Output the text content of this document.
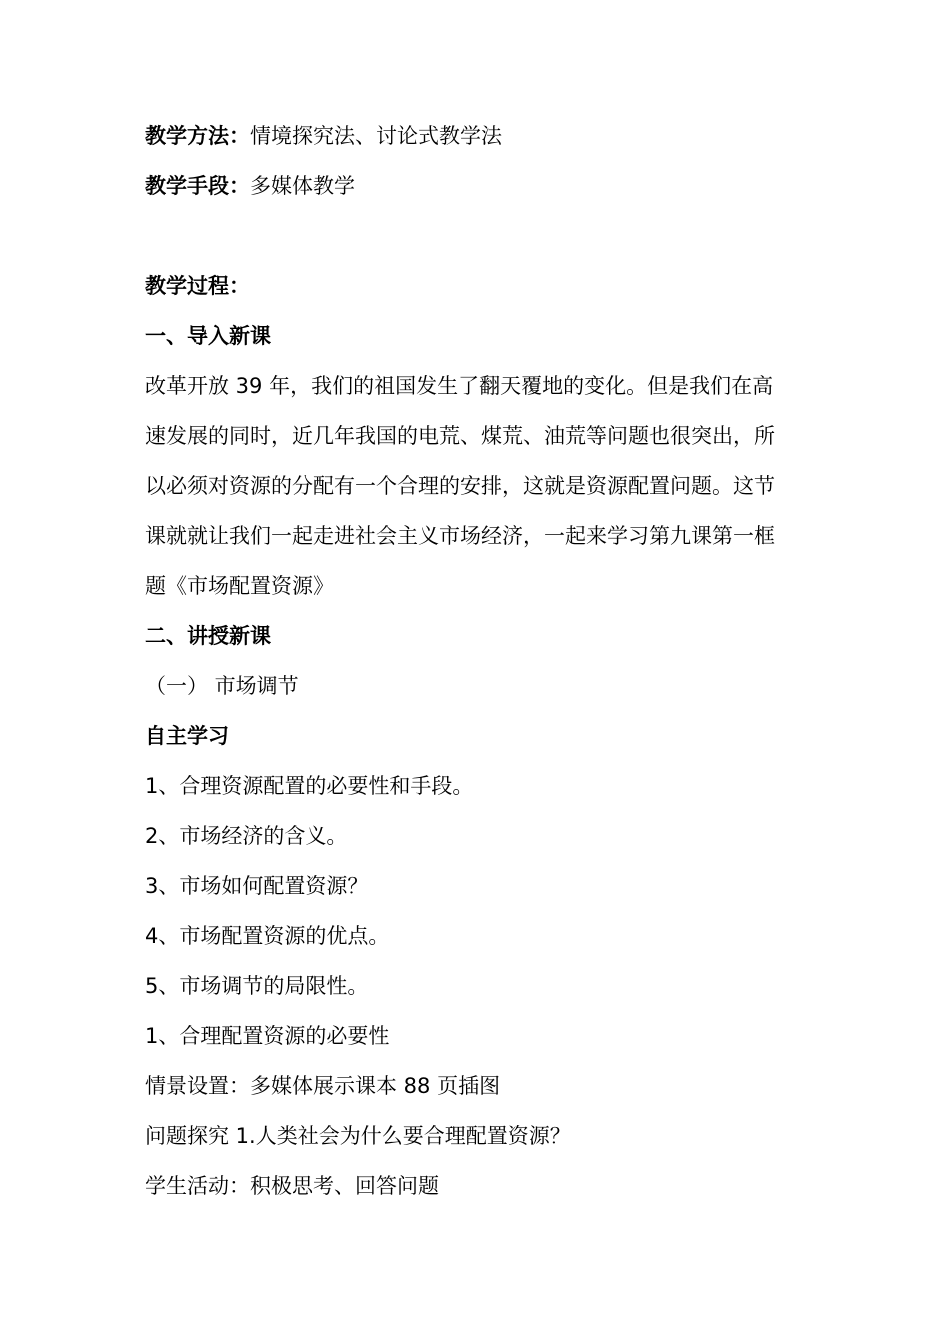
教学方法：情境探究法、讨论式教学法
教学手段：多媒体教学
教学过程：
一、导入新课
改革开放 39 年，我们的祖国发生了翻天覆地的变化。但是我们在高
速发展的同时，近几年我国的电荒、煤荒、油荒等问题也很突出，所
以必须对资源的分配有一个合理的安排，这就是资源配置问题。这节
课就就让我们一起走进社会主义市场经济，一起来学习第九课第一框
题《市场配置资源》
二、讲授新课
（一） 市场调节
自主学习
1、合理资源配置的必要性和手段。
2、市场经济的含义。
3、市场如何配置资源？
4、市场配置资源的优点。
5、市场调节的局限性。
1、合理配置资源的必要性
情景设置：多媒体展示课本 88 页插图
问题探究 1.人类社会为什么要合理配置资源？
学生活动：积极思考、回答问题
